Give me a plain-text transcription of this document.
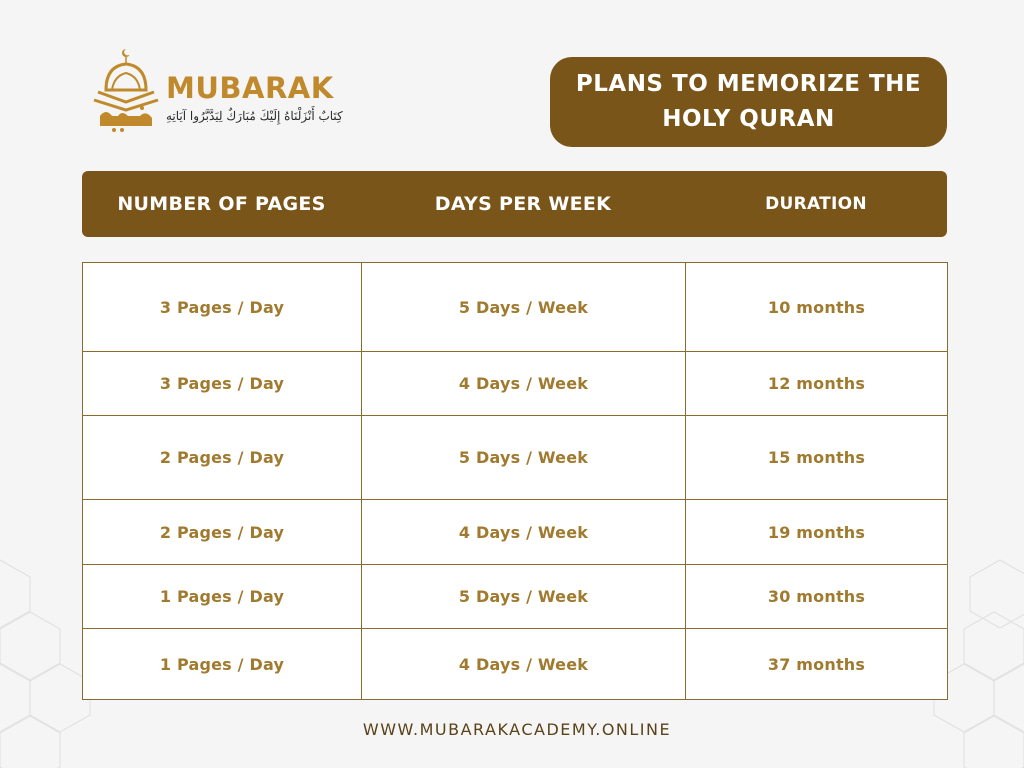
MUBARAK
كِتَابٌ أَنْزَلْنَاهُ إِلَيْكَ مُبَارَكٌ لِيَدَّبَّرُوا آيَاتِهِ
PLANS TO MEMORIZE THE HOLY QURAN
NUMBER OF PAGES	DAYS PER WEEK	DURATION
3 Pages / Day	5 Days / Week	10 months
3 Pages / Day	4 Days / Week	12 months
2 Pages / Day	5 Days / Week	15 months
2 Pages / Day	4 Days / Week	19 months
1 Pages / Day	5 Days / Week	30 months
1 Pages / Day	4 Days / Week	37 months
WWW.MUBARAKACADEMY.ONLINE
